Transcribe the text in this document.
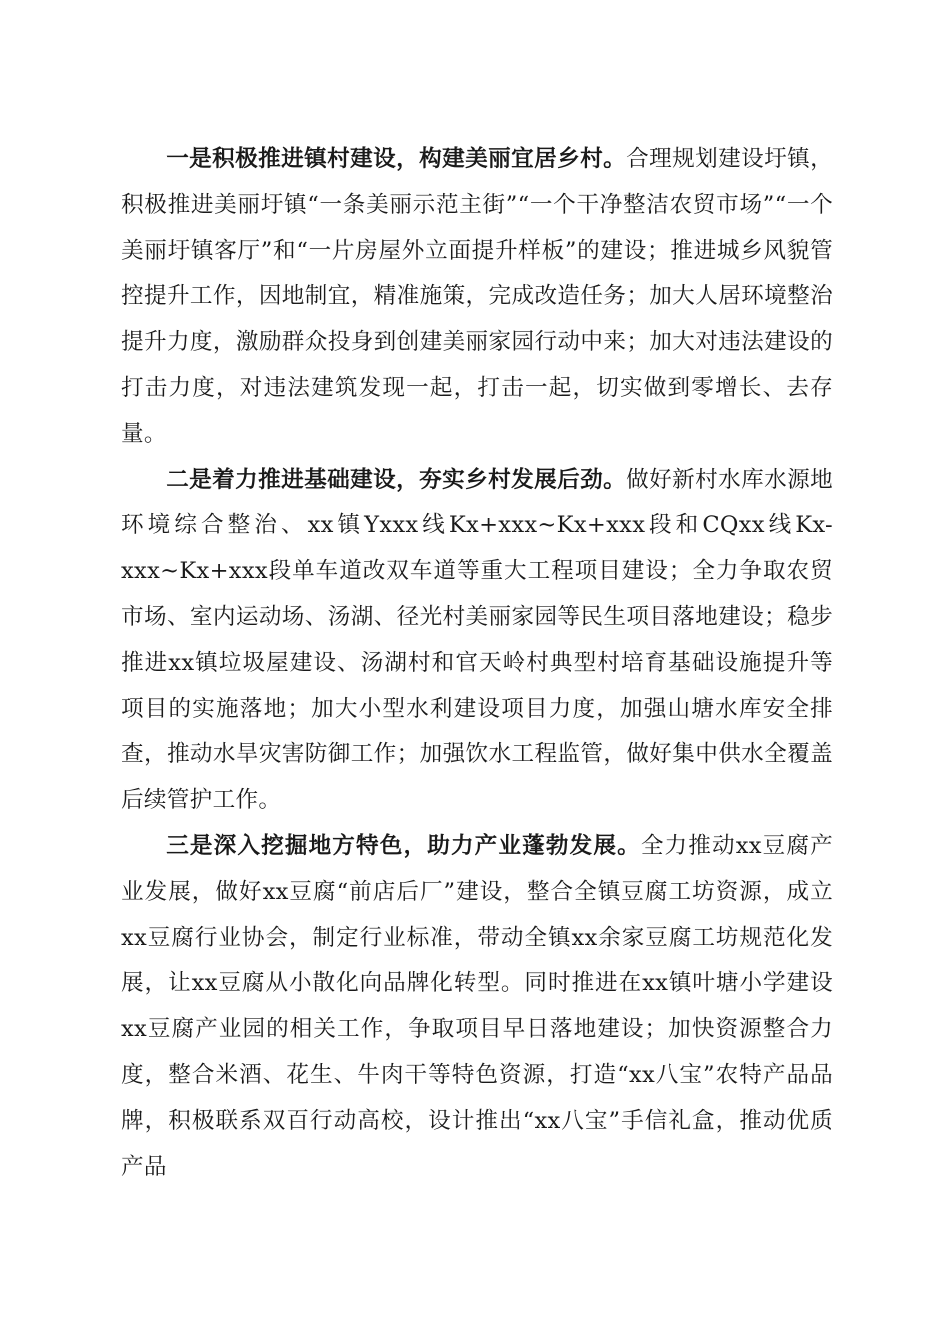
一是积极推进镇村建设，构建美丽宜居乡村。合理规划建设圩镇，积极推进美丽圩镇“一条美丽示范主街”“一个干净整洁农贸市场”“一个美丽圩镇客厅”和“一片房屋外立面提升样板”的建设；推进城乡风貌管控提升工作，因地制宜，精准施策，完成改造任务；加大人居环境整治提升力度，激励群众投身到创建美丽家园行动中来；加大对违法建设的打击力度，对违法建筑发现一起，打击一起，切实做到零增长、去存量。

二是着力推进基础建设，夯实乡村发展后劲。做好新村水库水源地环境综合整治、xx镇Yxxx线Kx+xxx~Kx+xxx段和CQxx线Kx-xxx~Kx+xxx段单车道改双车道等重大工程项目建设；全力争取农贸市场、室内运动场、汤湖、径光村美丽家园等民生项目落地建设；稳步推进xx镇垃圾屋建设、汤湖村和官天岭村典型村培育基础设施提升等项目的实施落地；加大小型水利建设项目力度，加强山塘水库安全排查，推动水旱灾害防御工作；加强饮水工程监管，做好集中供水全覆盖后续管护工作。

三是深入挖掘地方特色，助力产业蓬勃发展。全力推动xx豆腐产业发展，做好xx豆腐“前店后厂”建设，整合全镇豆腐工坊资源，成立xx豆腐行业协会，制定行业标准，带动全镇xx余家豆腐工坊规范化发展，让xx豆腐从小散化向品牌化转型。同时推进在xx镇叶塘小学建设xx豆腐产业园的相关工作，争取项目早日落地建设；加快资源整合力度，整合米酒、花生、牛肉干等特色资源，打造“xx八宝”农特产品品牌，积极联系双百行动高校，设计推出“xx八宝”手信礼盒，推动优质产品
